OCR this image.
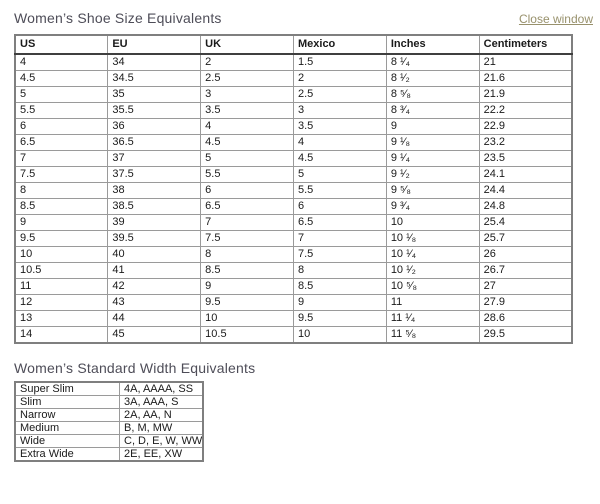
Women’s Shoe Size Equivalents	Close window
US	EU	UK	Mexico	Inches	Centimeters
4	34	2	1.5	8 ¹⁄₄	21
4.5	34.5	2.5	2	8 ¹⁄₂	21.6
5	35	3	2.5	8 ⁵⁄₈	21.9
5.5	35.5	3.5	3	8 ³⁄₄	22.2
6	36	4	3.5	9	22.9
6.5	36.5	4.5	4	9 ¹⁄₈	23.2
7	37	5	4.5	9 ¹⁄₄	23.5
7.5	37.5	5.5	5	9 ¹⁄₂	24.1
8	38	6	5.5	9 ⁵⁄₈	24.4
8.5	38.5	6.5	6	9 ³⁄₄	24.8
9	39	7	6.5	10	25.4
9.5	39.5	7.5	7	10 ¹⁄₈	25.7
10	40	8	7.5	10 ¹⁄₄	26
10.5	41	8.5	8	10 ¹⁄₂	26.7
11	42	9	8.5	10 ⁵⁄₈	27
12	43	9.5	9	11	27.9
13	44	10	9.5	11 ¹⁄₄	28.6
14	45	10.5	10	11 ⁵⁄₈	29.5
Women’s Standard Width Equivalents
Super Slim	4A, AAAA, SS
Slim	3A, AAA, S
Narrow	2A, AA, N
Medium	B, M, MW
Wide	C, D, E, W, WW
Extra Wide	2E, EE, XW
